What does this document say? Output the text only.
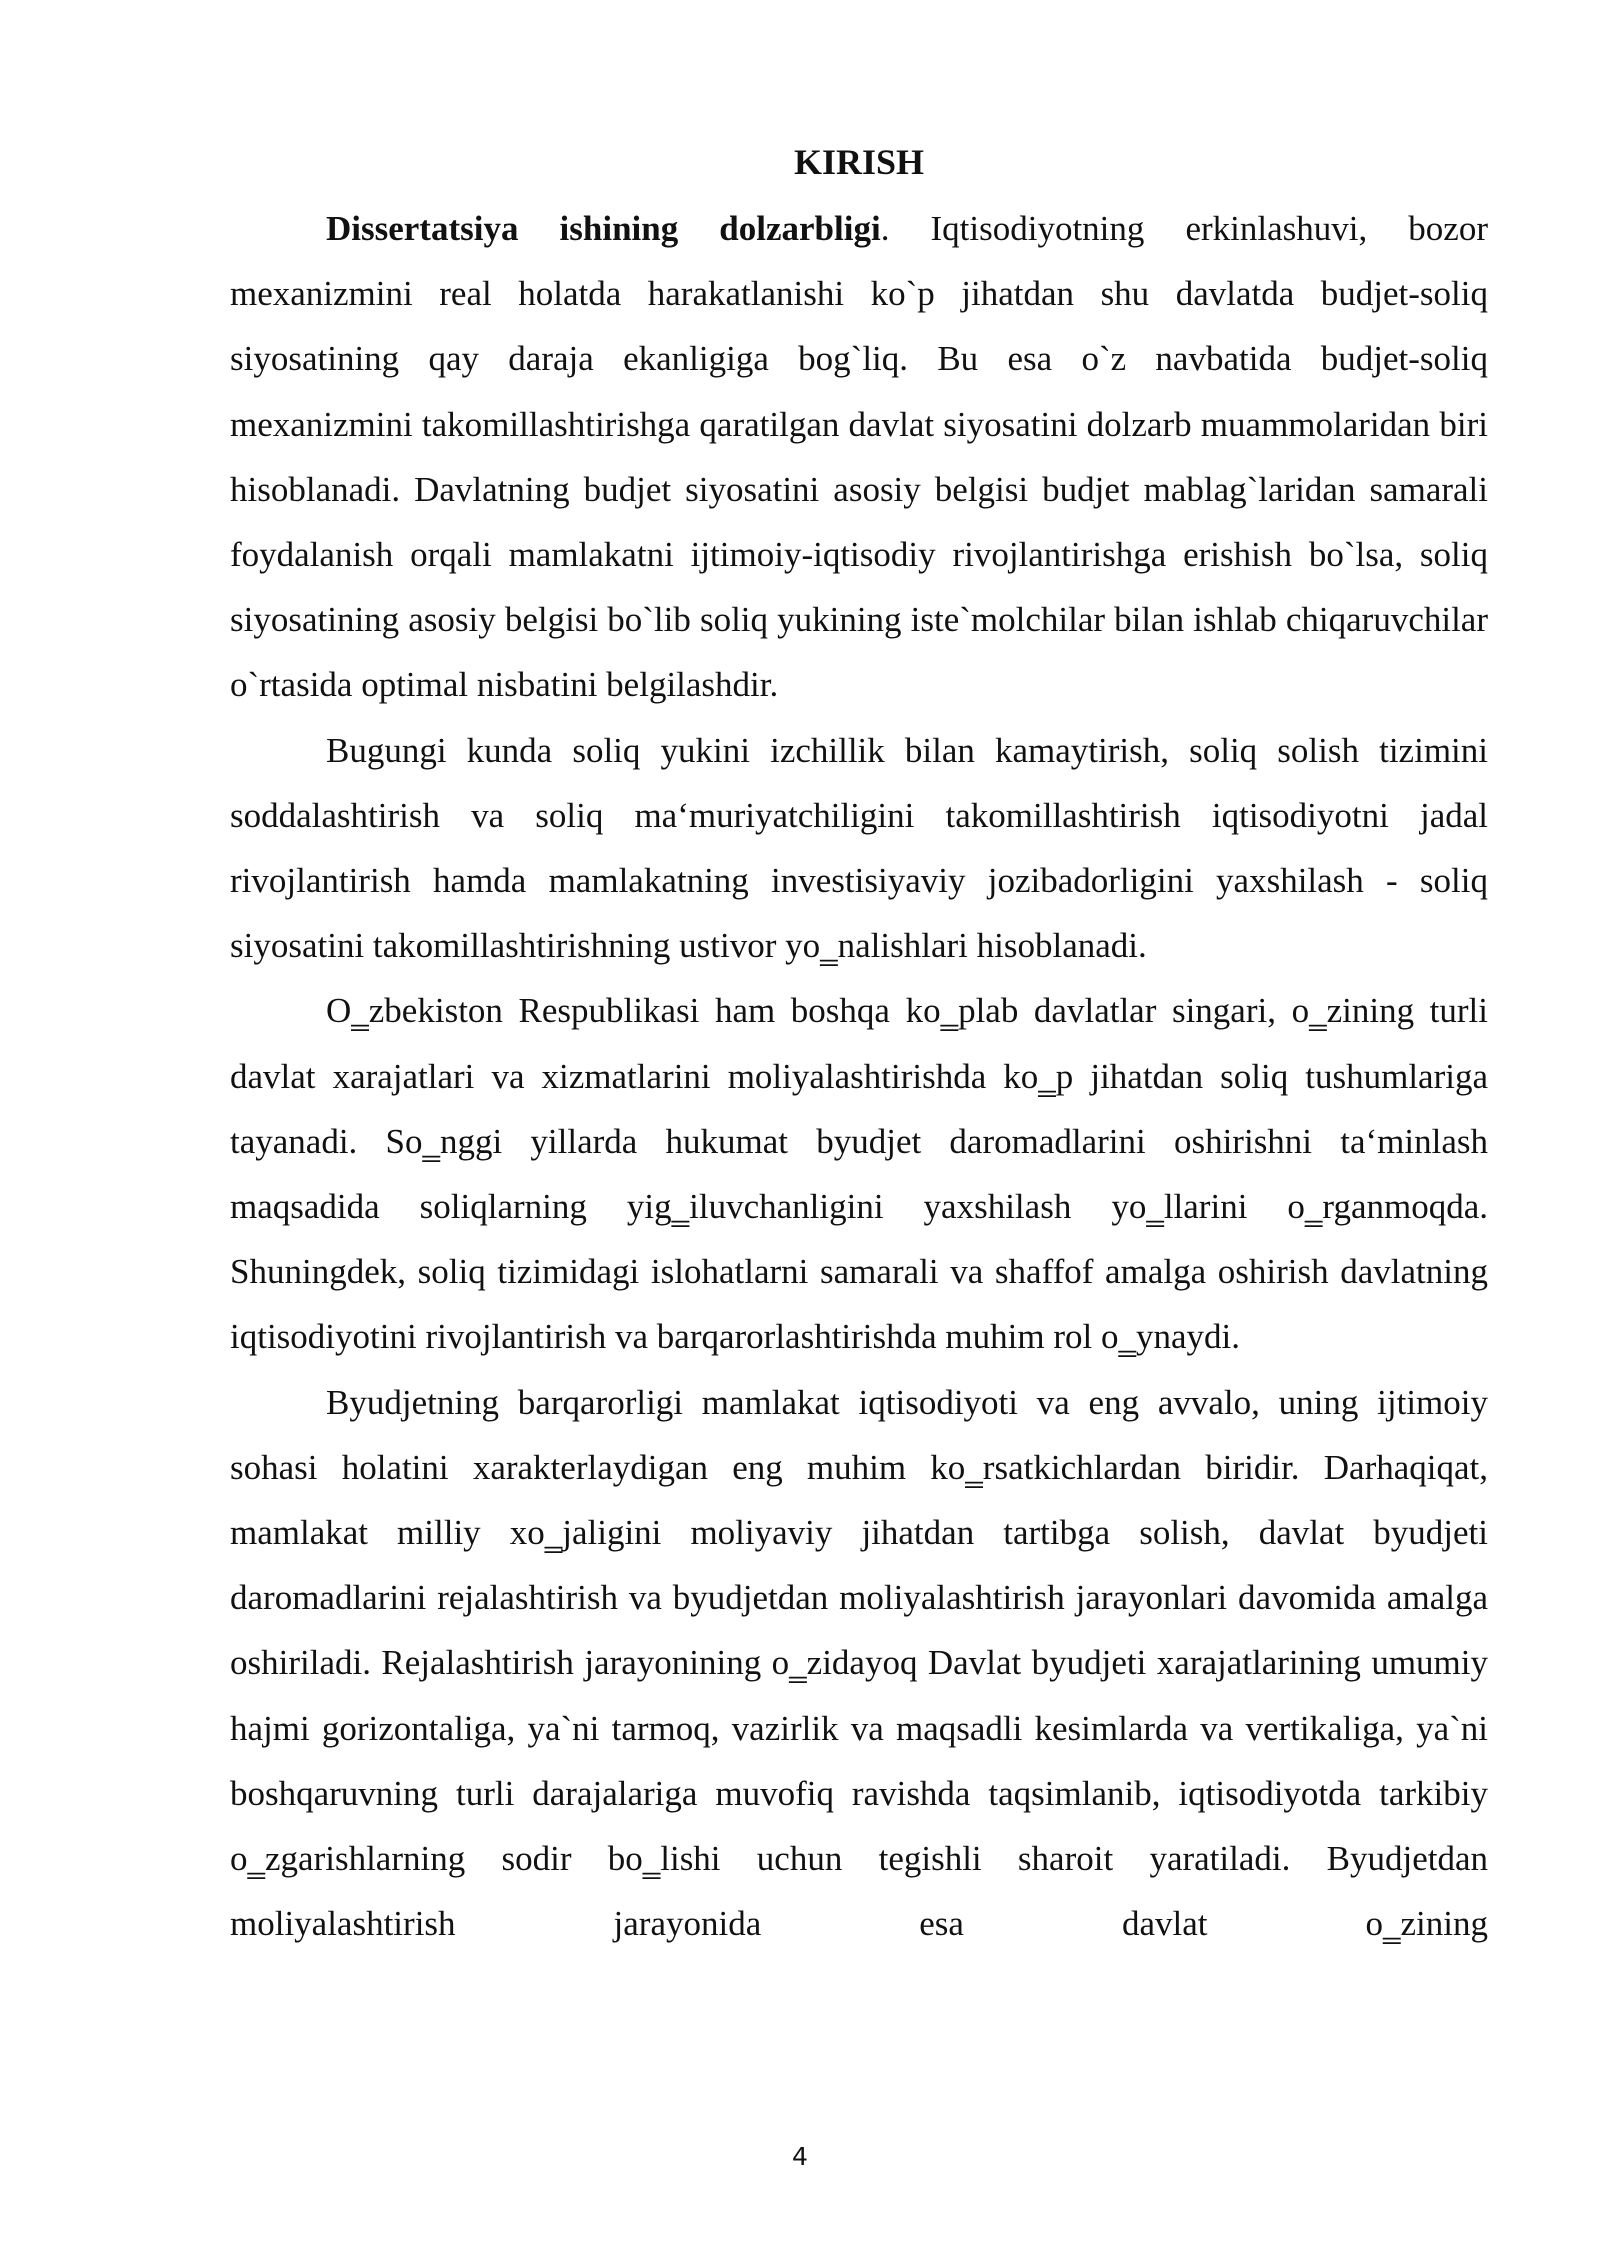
KIRISH

Dissertatsiya ishining dolzarbligi. Iqtisodiyotning erkinlashuvi, bozor mexanizmini real holatda harakatlanishi ko`p jihatdan shu davlatda budjet-soliq siyosatining qay daraja ekanligiga bog`liq. Bu esa o`z navbatida budjet-soliq mexanizmini takomillashtirishga qaratilgan davlat siyosatini dolzarb muammolaridan biri hisoblanadi. Davlatning budjet siyosatini asosiy belgisi budjet mablag`laridan samarali foydalanish orqali mamlakatni ijtimoiy-iqtisodiy rivojlantirishga erishish bo`lsa, soliq siyosatining asosiy belgisi bo`lib soliq yukining iste`molchilar bilan ishlab chiqaruvchilar o`rtasida optimal nisbatini belgilashdir.

Bugungi kunda soliq yukini izchillik bilan kamaytirish, soliq solish tizimini soddalashtirish va soliq ma‘muriyatchiligini takomillashtirish iqtisodiyotni jadal rivojlantirish hamda mamlakatning investisiyaviy jozibadorligini yaxshilash - soliq siyosatini takomillashtirishning ustivor yo‗nalishlari hisoblanadi.

O‗zbekiston Respublikasi ham boshqa ko‗plab davlatlar singari, o‗zining turli davlat xarajatlari va xizmatlarini moliyalashtirishda ko‗p jihatdan soliq tushumlariga tayanadi. So‗nggi yillarda hukumat byudjet daromadlarini oshirishni ta‘minlash maqsadida soliqlarning yig‗iluvchanligini yaxshilash yo‗llarini o‗rganmoqda. Shuningdek, soliq tizimidagi islohatlarni samarali va shaffof amalga oshirish davlatning iqtisodiyotini rivojlantirish va barqarorlashtirishda muhim rol o‗ynaydi.

Byudjetning barqarorligi mamlakat iqtisodiyoti va eng avvalo, uning ijtimoiy sohasi holatini xarakterlaydigan eng muhim ko‗rsatkichlardan biridir. Darhaqiqat, mamlakat milliy xo‗jaligini moliyaviy jihatdan tartibga solish, davlat byudjeti daromadlarini rejalashtirish va byudjetdan moliyalashtirish jarayonlari davomida amalga oshiriladi. Rejalashtirish jarayonining o‗zidayoq Davlat byudjeti xarajatlarining umumiy hajmi gorizontaliga, ya`ni tarmoq, vazirlik va maqsadli kesimlarda va vertikaliga, ya`ni boshqaruvning turli darajalariga muvofiq ravishda taqsimlanib, iqtisodiyotda tarkibiy o‗zgarishlarning sodir bo‗lishi uchun tegishli sharoit yaratiladi. Byudjetdan moliyalashtirish jarayonida esa davlat o‗zining

4
